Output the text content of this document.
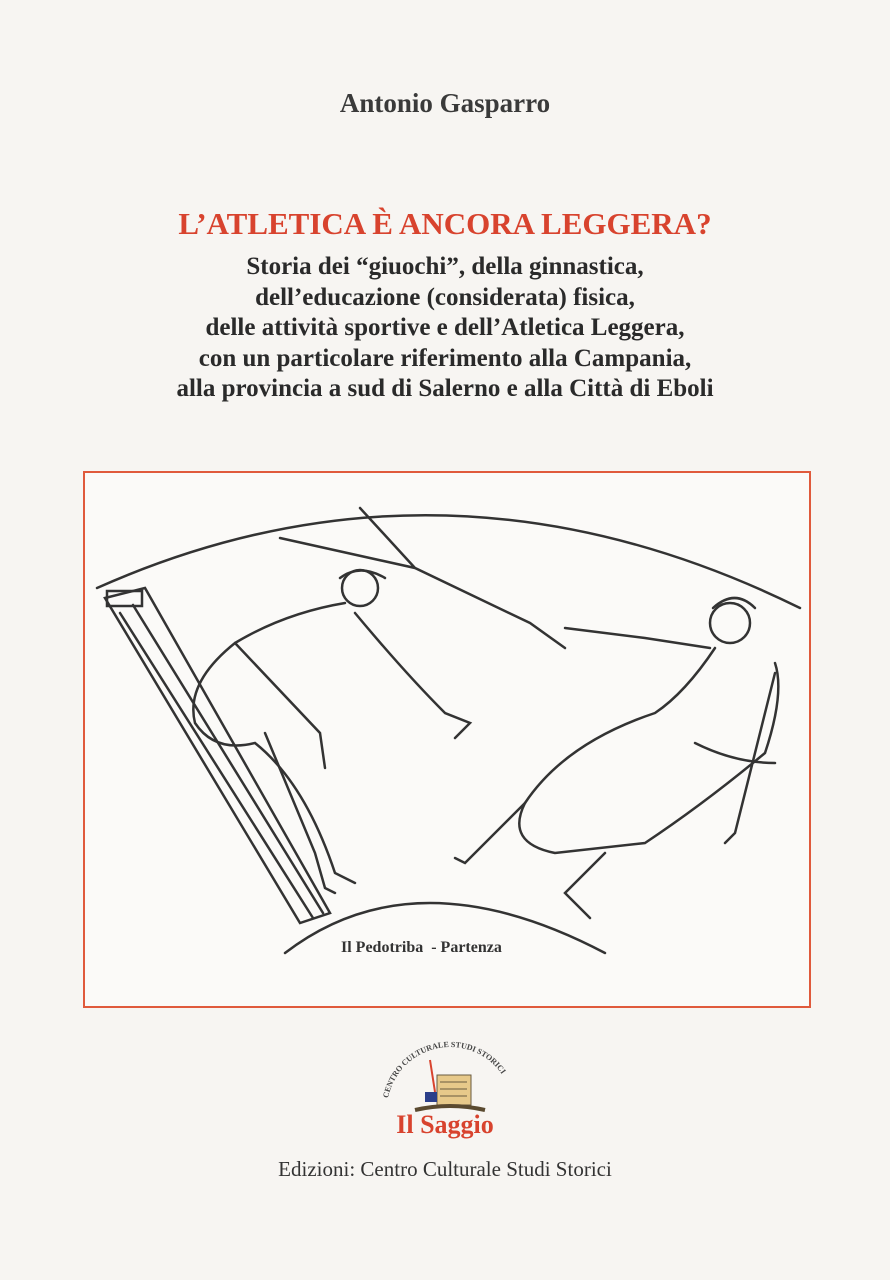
Antonio Gasparro
L’ATLETICA È ANCORA LEGGERA?
Storia dei “giuochi”, della ginnastica,
dell’educazione (considerata) fisica,
delle attività sportive e dell’Atletica Leggera,
con un particolare riferimento alla Campania,
alla provincia a sud di Salerno e alla Città di Eboli
Il Pedotriba  - Partenza
CENTRO CULTURALE STUDI STORICI
Il Saggio
Edizioni: Centro Culturale Studi Storici
